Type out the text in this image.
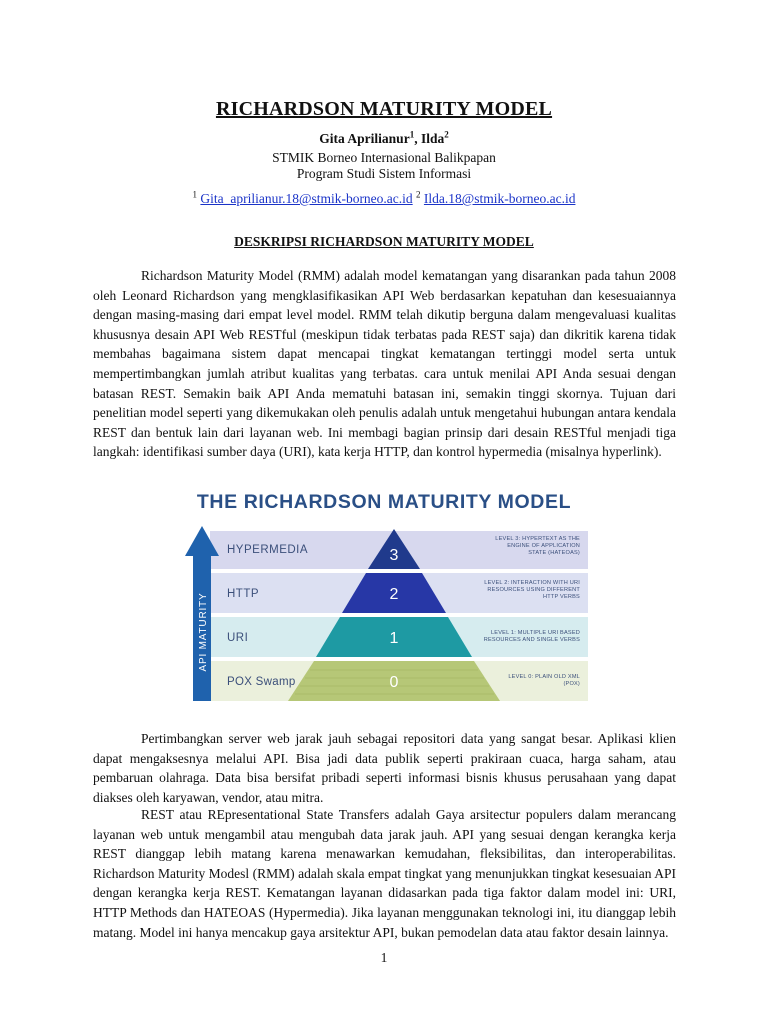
RICHARDSON MATURITY MODEL
Gita Aprilianur$^1$, Ilda$^2$
STMIK Borneo Internasional Balikpapan
Program Studi Sistem Informasi
$^1$ Gita_aprilianur.18@stmik-borneo.ac.id $^2$ Ilda.18@stmik-borneo.ac.id
DESKRIPSI RICHARDSON MATURITY MODEL

Richardson Maturity Model (RMM) adalah model kematangan yang disarankan pada tahun 2008 oleh Leonard Richardson yang mengklasifikasikan API Web berdasarkan kepatuhan dan kesesuaiannya dengan masing-masing dari empat level model. RMM telah dikutip berguna dalam mengevaluasi kualitas khususnya desain API Web RESTful (meskipun tidak terbatas pada REST saja) dan dikritik karena tidak membahas bagaimana sistem dapat mencapai tingkat kematangan tertinggi model serta untuk mempertimbangkan jumlah atribut kualitas yang terbatas. cara untuk menilai API Anda sesuai dengan batasan REST. Semakin baik API Anda mematuhi batasan ini, semakin tinggi skornya. Tujuan dari penelitian model seperti yang dikemukakan oleh penulis adalah untuk mengetahui hubungan antara kendala REST dan bentuk lain dari layanan web. Ini membagi bagian prinsip dari desain RESTful menjadi tiga langkah: identifikasi sumber daya (URI), kata kerja HTTP, dan kontrol hypermedia (misalnya hyperlink).

THE RICHARDSON MATURITY MODEL
API MATURITY
HYPERMEDIA
HTTP
URI
POX Swamp
3
2
1
0
LEVEL 3: HYPERTEXT AS THE
ENGINE OF APPLICATION
STATE (HATEOAS)
LEVEL 2: INTERACTION WITH URI
RESOURCES USING DIFFERENT
HTTP VERBS
LEVEL 1: MULTIPLE URI BASED
RESOURCES AND SINGLE VERBS
LEVEL 0: PLAIN OLD XML
(POX)

Pertimbangkan server web jarak jauh sebagai repositori data yang sangat besar. Aplikasi klien dapat mengaksesnya melalui API. Bisa jadi data publik seperti prakiraan cuaca, harga saham, atau pembaruan olahraga. Data bisa bersifat pribadi seperti informasi bisnis khusus perusahaan yang dapat diakses oleh karyawan, vendor, atau mitra.

REST atau REpresentational State Transfers adalah Gaya arsitectur populers dalam merancang layanan web untuk mengambil atau mengubah data jarak jauh. API yang sesuai dengan kerangka kerja REST dianggap lebih matang karena menawarkan kemudahan, fleksibilitas, dan interoperabilitas. Richardson Maturity Modesl (RMM) adalah skala empat tingkat yang menunjukkan tingkat kesesuaian API dengan kerangka kerja REST. Kematangan layanan didasarkan pada tiga faktor dalam model ini: URI, HTTP Methods dan HATEOAS (Hypermedia). Jika layanan menggunakan teknologi ini, itu dianggap lebih matang. Model ini hanya mencakup gaya arsitektur API, bukan pemodelan data atau faktor desain lainnya.

1
